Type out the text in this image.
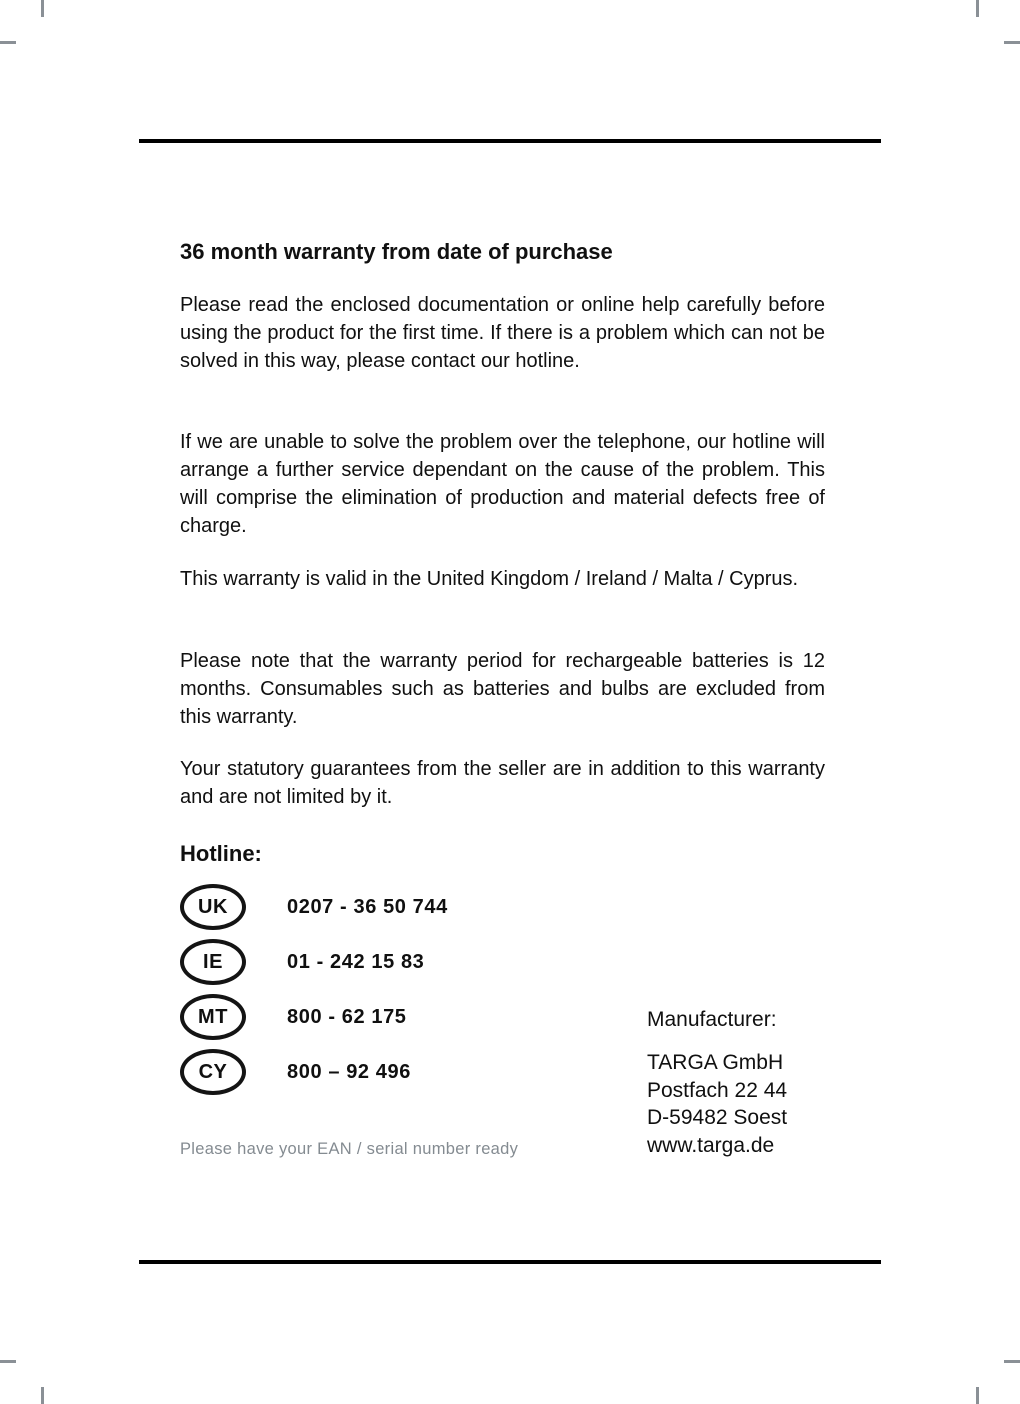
36 month warranty from date of purchase
Please read the enclosed documentation or online help carefully before using the product for the first time. If there is a problem which can not be solved in this way, please contact our hotline.
If we are unable to solve the problem over the telephone, our hotline will arrange a further service dependant on the cause of the problem. This will comprise the elimination of production and material defects free of charge.
This warranty is valid in the United Kingdom / Ireland / Malta / Cyprus.
Please note that the warranty period for rechargeable batteries is 12 months. Consumables such as batteries and bulbs are excluded from this warranty.
Your statutory guarantees from the seller are in addition to this warranty and are not limited by it.
Hotline:
UK	0207 - 36 50 744
IE	01 - 242 15 83
MT	800 - 62 175
CY	800 – 92 496
Please have your EAN / serial number ready
Manufacturer:
TARGA GmbH
Postfach 22 44
D-59482 Soest
www.targa.de
